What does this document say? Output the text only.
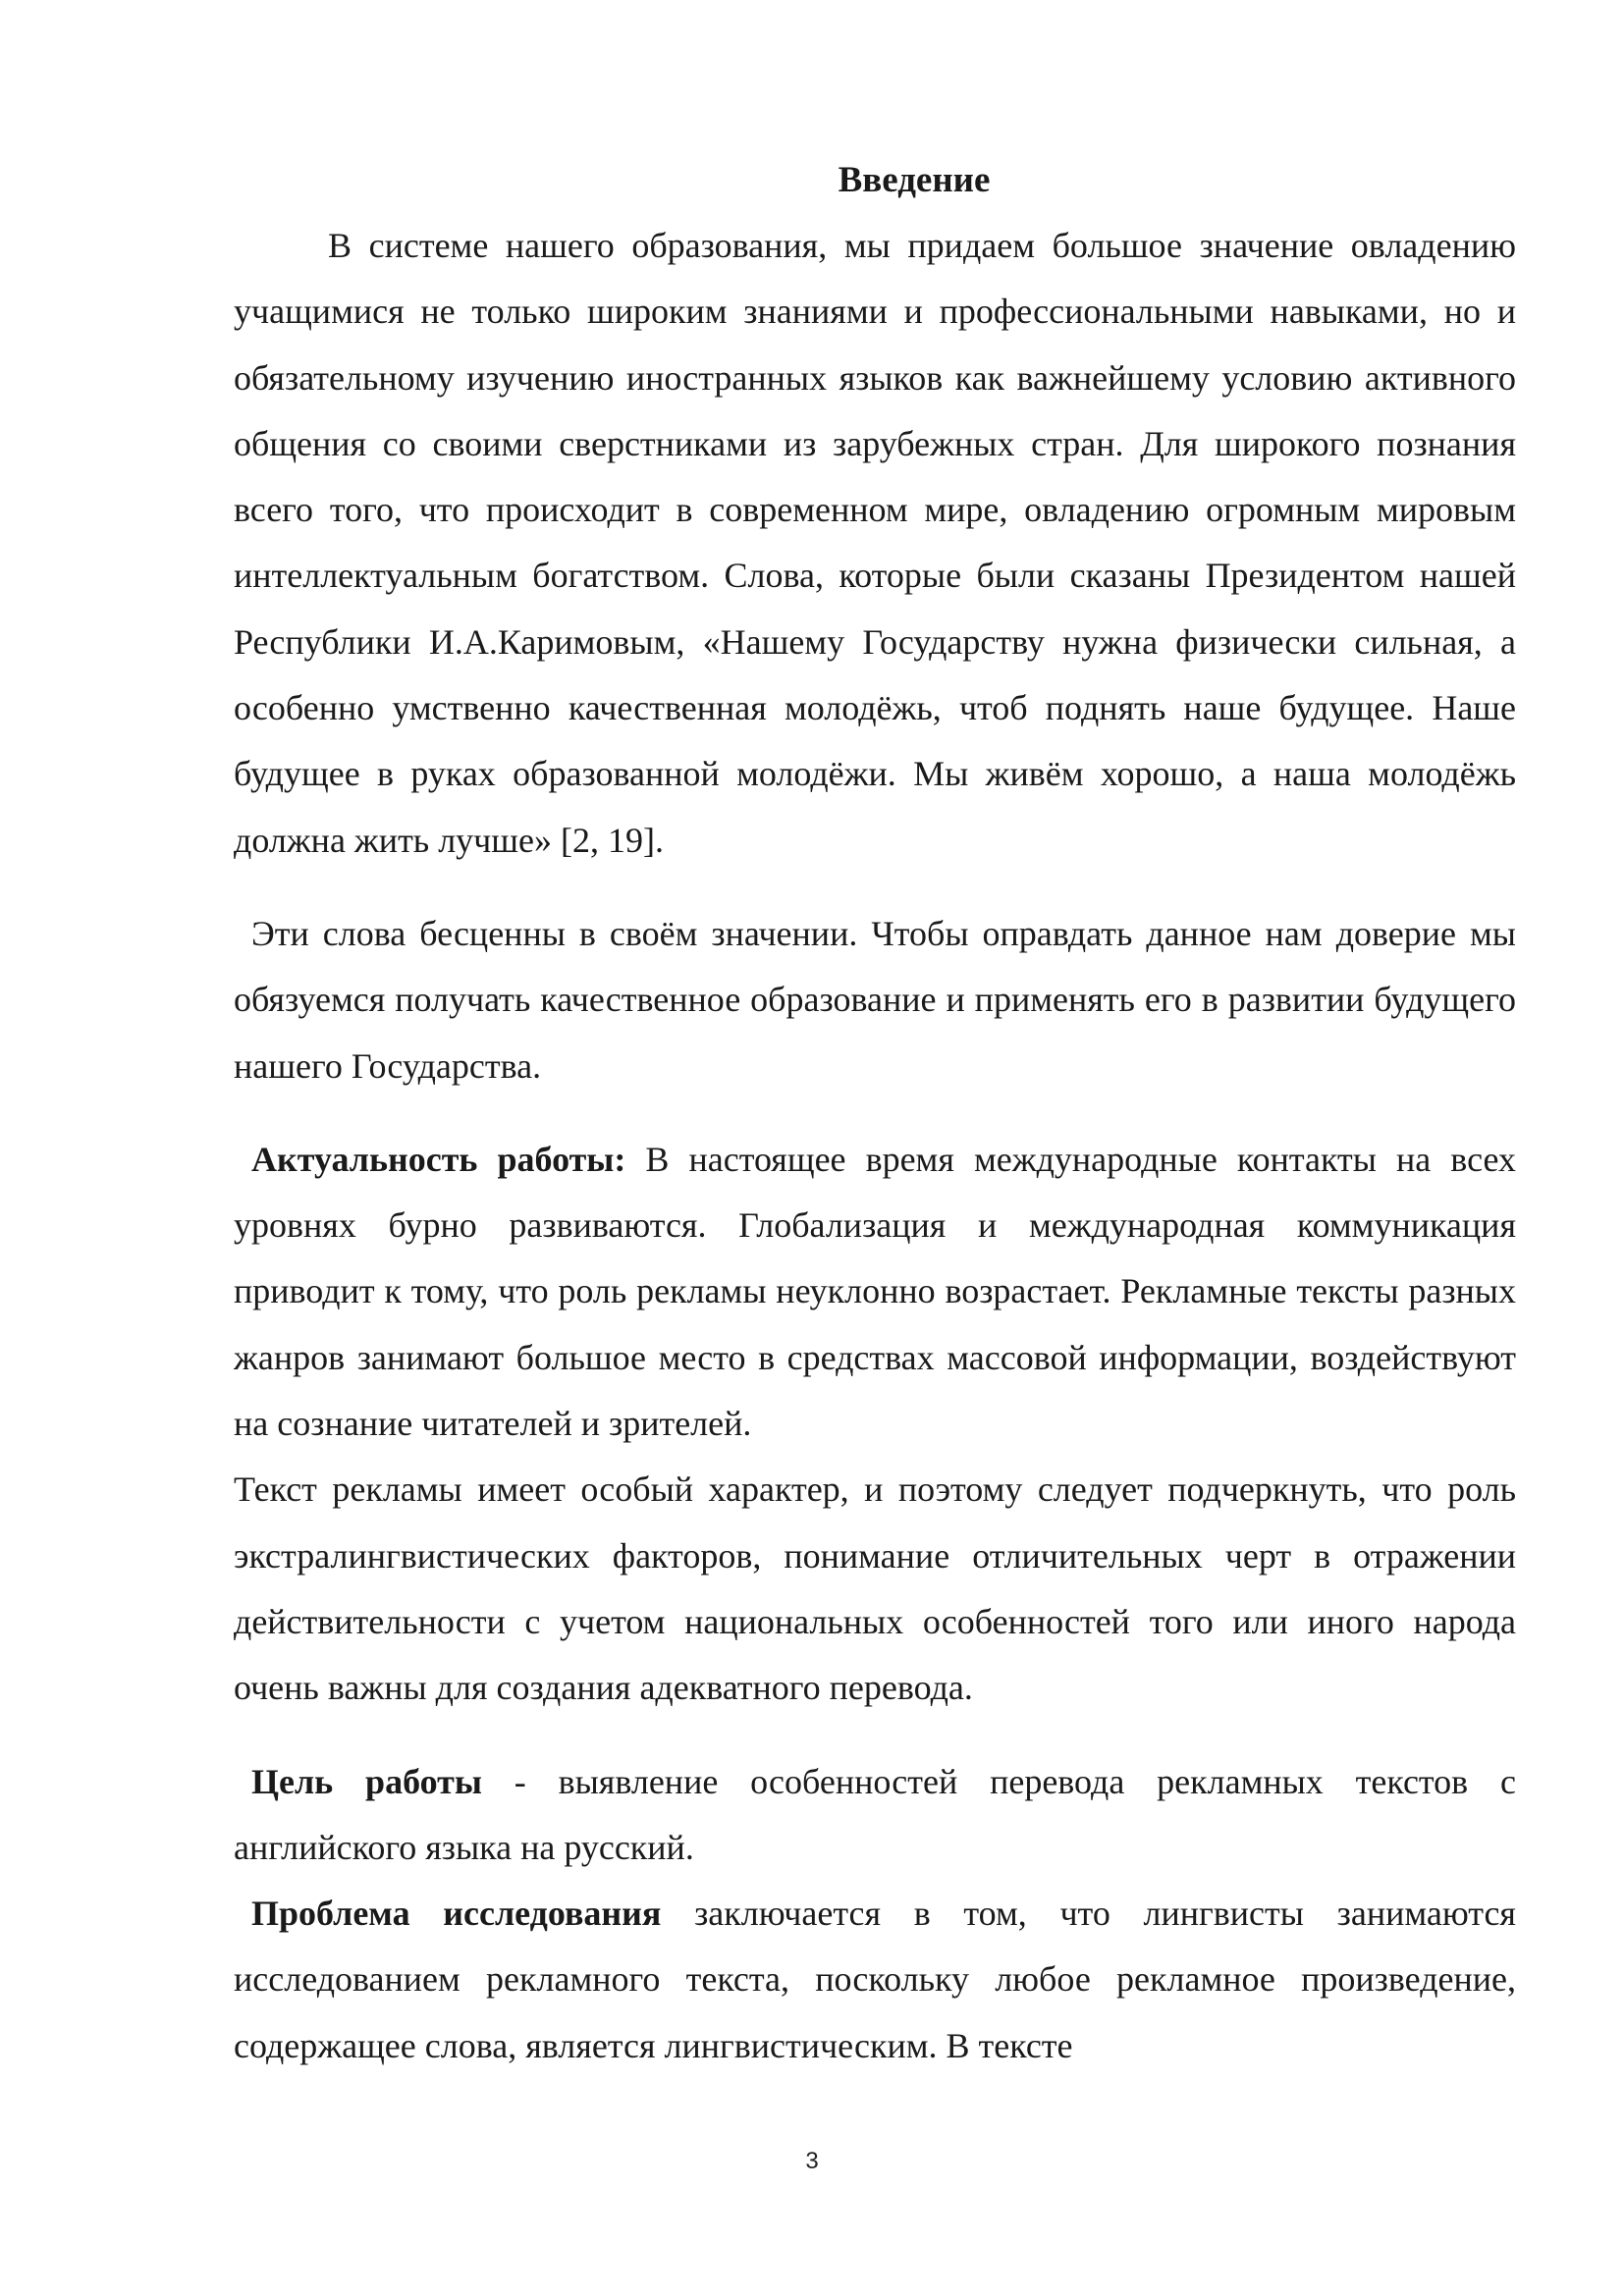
Введение

В системе нашего образования, мы придаем большое значение овладению учащимися не только широким знаниями и профессиональными навыками, но и обязательному изучению иностранных языков как важнейшему условию активного общения со своими сверстниками из зарубежных стран. Для широкого познания всего того, что происходит в современном мире, овладению огромным мировым интеллектуальным богатством. Слова, которые были сказаны Президентом нашей Республики И.А.Каримовым, «Нашему Государству нужна физически сильная, а особенно умственно качественная молодёжь, чтоб поднять наше будущее. Наше будущее в руках образованной молодёжи. Мы живём хорошо, а наша молодёжь должна жить лучше» [2, 19].

Эти слова бесценны в своём значении. Чтобы оправдать данное нам доверие мы обязуемся получать качественное образование и применять его в развитии будущего нашего Государства.

Актуальность работы: В настоящее время международные контакты на всех уровнях бурно развиваются. Глобализация и международная коммуникация приводит к тому, что роль рекламы неуклонно возрастает. Рекламные тексты разных жанров занимают большое место в средствах массовой информации, воздействуют на сознание читателей и зрителей.

Текст рекламы имеет особый характер, и поэтому следует подчеркнуть, что роль экстралингвистических факторов, понимание отличительных черт в отражении действительности с учетом национальных особенностей того или иного народа очень важны для создания адекватного перевода.

Цель работы - выявление особенностей перевода рекламных текстов с английского языка на русский.

Проблема исследования заключается в том, что лингвисты занимаются исследованием рекламного текста, поскольку любое рекламное произведение, содержащее слова, является лингвистическим. В тексте

3
